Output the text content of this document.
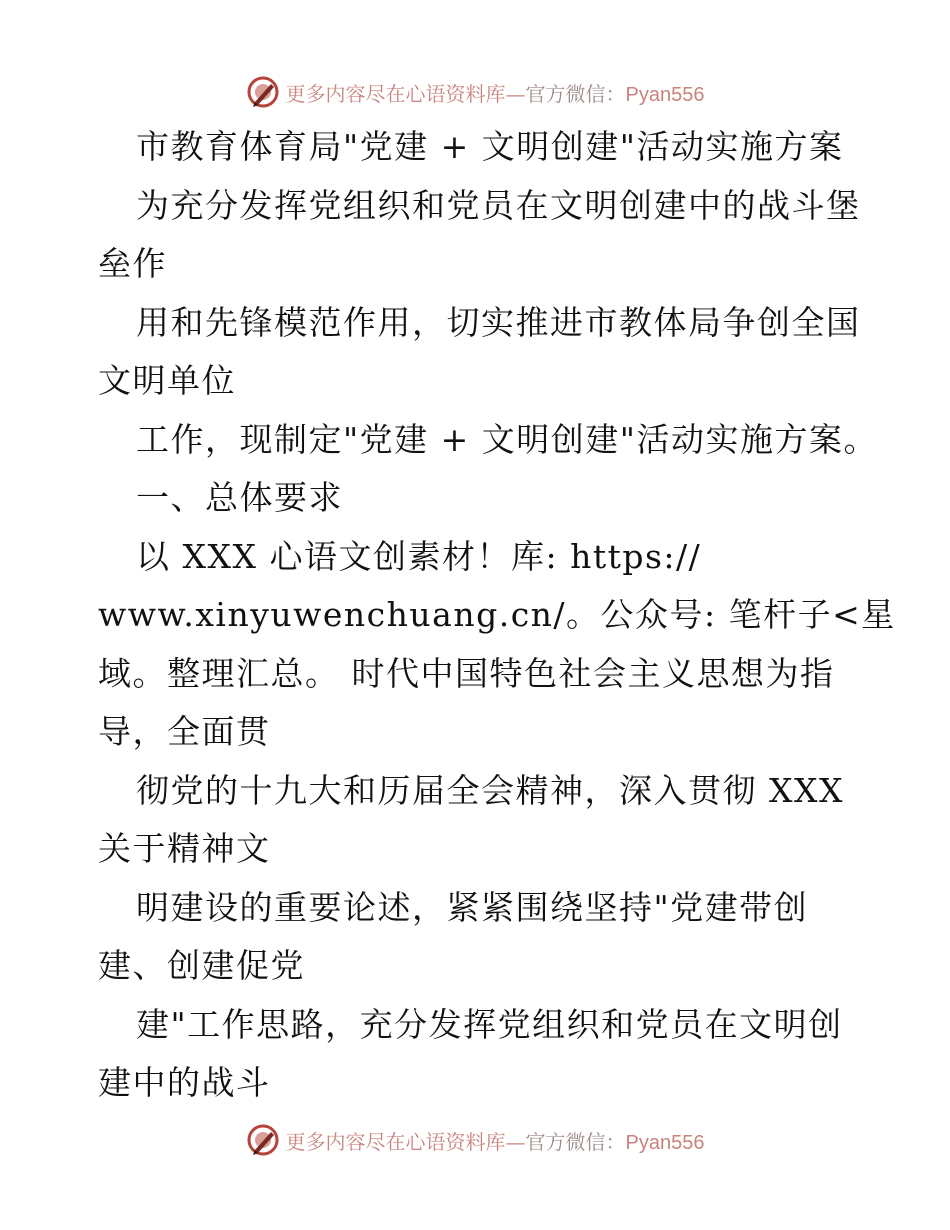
更多内容尽在心语资料库—官方微信：Pyan556
市教育体育局"党建 + 文明创建"活动实施方案
为充分发挥党组织和党员在文明创建中的战斗堡
垒作
用和先锋模范作用，切实推进市教体局争创全国
文明单位
工作，现制定"党建 + 文明创建"活动实施方案。
一、总体要求
以 XXX 心语文创素材！库: https://
www.xinyuwenchuang.cn/。公众号: 笔杆子<星
域。整理汇总。 时代中国特色社会主义思想为指
导，全面贯
彻党的十九大和历届全会精神，深入贯彻 XXX
关于精神文
明建设的重要论述，紧紧围绕坚持"党建带创
建、创建促党
建"工作思路，充分发挥党组织和党员在文明创
建中的战斗
更多内容尽在心语资料库—官方微信：Pyan556
